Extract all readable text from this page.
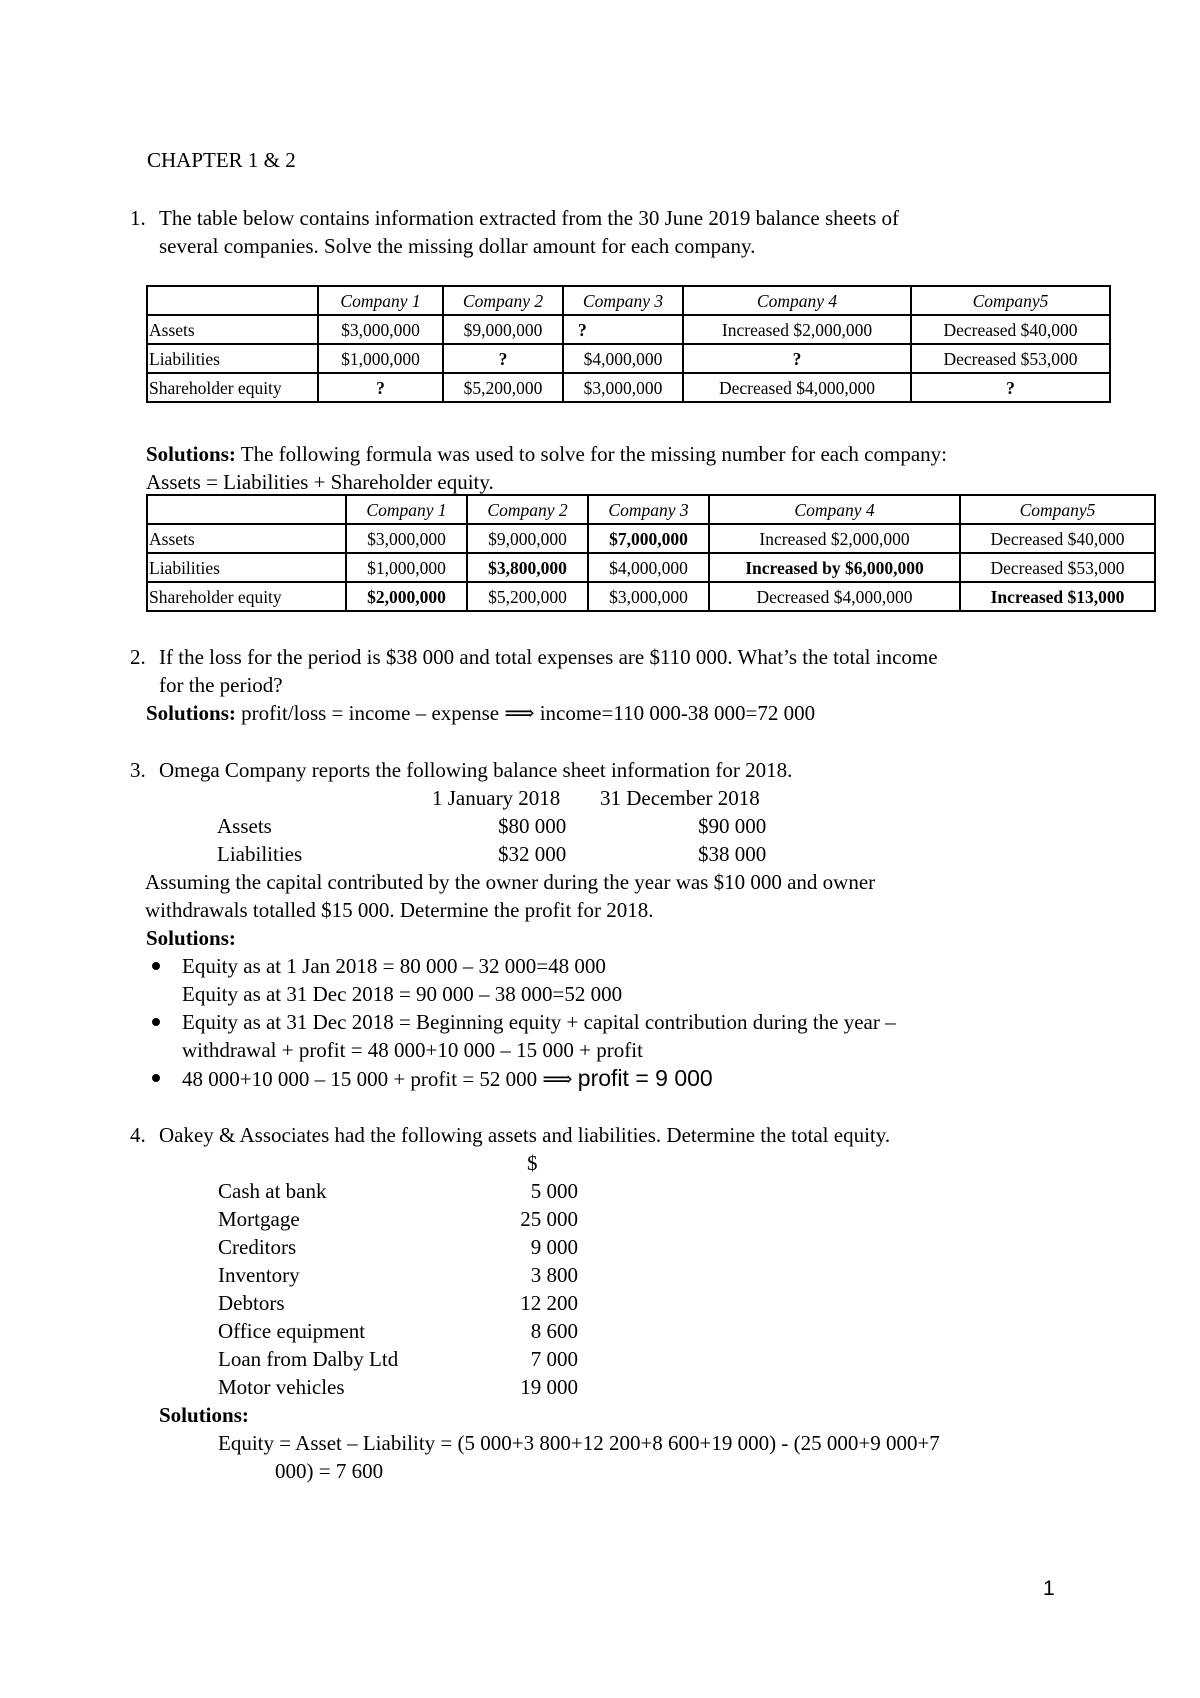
CHAPTER 1 & 2
1. The table below contains information extracted from the 30 June 2019 balance sheets of
several companies. Solve the missing dollar amount for each company.
	Company 1	Company 2	Company 3	Company 4	Company5
Assets	$3,000,000	$9,000,000	?	Increased $2,000,000	Decreased $40,000
Liabilities	$1,000,000	?	$4,000,000	?	Decreased $53,000
Shareholder equity	?	$5,200,000	$3,000,000	Decreased $4,000,000	?
Solutions: The following formula was used to solve for the missing number for each company:
Assets = Liabilities + Shareholder equity.
	Company 1	Company 2	Company 3	Company 4	Company5
Assets	$3,000,000	$9,000,000	$7,000,000	Increased $2,000,000	Decreased $40,000
Liabilities	$1,000,000	$3,800,000	$4,000,000	Increased by $6,000,000	Decreased $53,000
Shareholder equity	$2,000,000	$5,200,000	$3,000,000	Decreased $4,000,000	Increased $13,000
2. If the loss for the period is $38 000 and total expenses are $110 000. What’s the total income
for the period?
Solutions: profit/loss = income – expense ⟹ income=110 000-38 000=72 000
3. Omega Company reports the following balance sheet information for 2018.
1 January 2018 31 December 2018
Assets	$80 000	$90 000
Liabilities	$32 000	$38 000
Assuming the capital contributed by the owner during the year was $10 000 and owner
withdrawals totalled $15 000. Determine the profit for 2018.
Solutions:
Equity as at 1 Jan 2018 = 80 000 – 32 000=48 000
Equity as at 31 Dec 2018 = 90 000 – 38 000=52 000
Equity as at 31 Dec 2018 = Beginning equity + capital contribution during the year –
withdrawal + profit = 48 000+10 000 – 15 000 + profit
48 000+10 000 – 15 000 + profit = 52 000 ⟹ profit = 9 000
4. Oakey & Associates had the following assets and liabilities. Determine the total equity.
$
Cash at bank	5 000
Mortgage	25 000
Creditors	9 000
Inventory	3 800
Debtors	12 200
Office equipment	8 600
Loan from Dalby Ltd	7 000
Motor vehicles	19 000
Solutions:
Equity = Asset – Liability = (5 000+3 800+12 200+8 600+19 000) - (25 000+9 000+7
000) = 7 600
1
